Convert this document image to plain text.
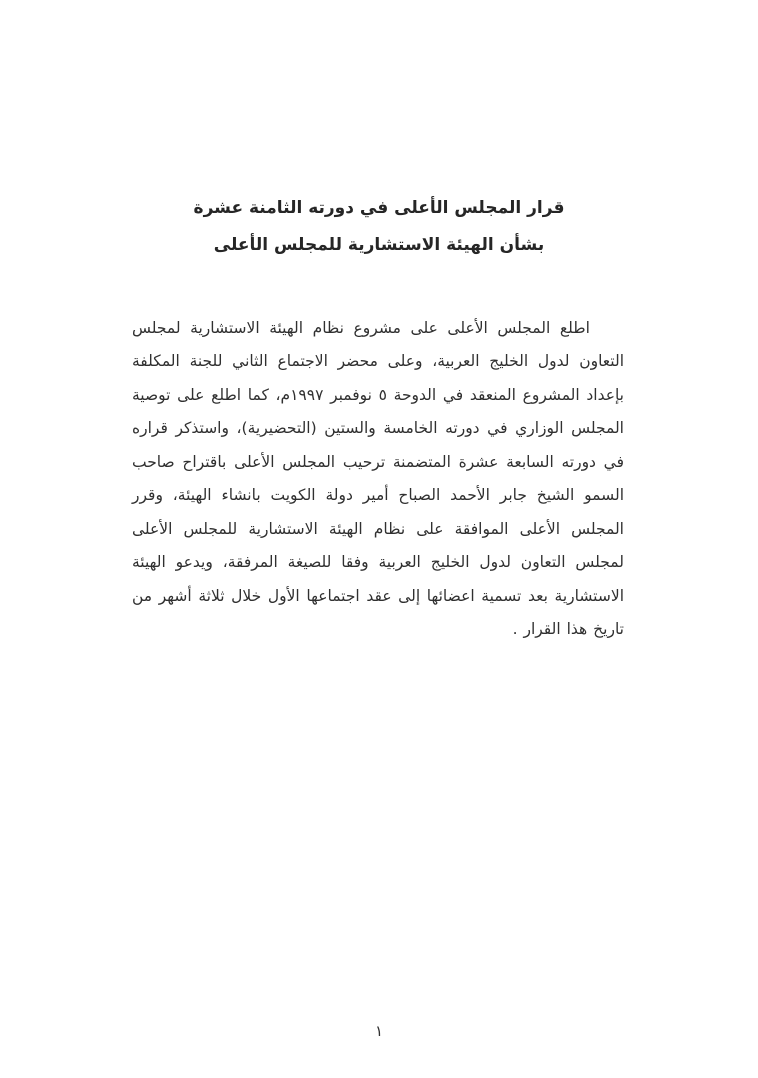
قرار المجلس الأعلى في دورته الثامنة عشرة
بشأن الهيئة الاستشارية للمجلس الأعلى

اطلع المجلس الأعلى على مشروع نظام الهيئة الاستشارية لمجلس التعاون لدول الخليج العربية، وعلى محضر الاجتماع الثاني للجنة المكلفة بإعداد المشروع المنعقد في الدوحة ٥ نوفمبر ١٩٩٧م، كما اطلع على توصية المجلس الوزاري في دورته الخامسة والستين (التحضيرية)، واستذكر قراره في دورته السابعة عشرة المتضمنة ترحيب المجلس الأعلى باقتراح صاحب السمو الشيخ جابر الأحمد الصباح أمير دولة الكويت بانشاء الهيئة، وقرر المجلس الأعلى الموافقة على نظام الهيئة الاستشارية للمجلس الأعلى لمجلس التعاون لدول الخليج العربية وفقا للصيغة المرفقة، ويدعو الهيئة الاستشارية بعد تسمية اعضائها إلى عقد اجتماعها الأول خلال ثلاثة أشهر من تاريخ هذا القرار .

١
